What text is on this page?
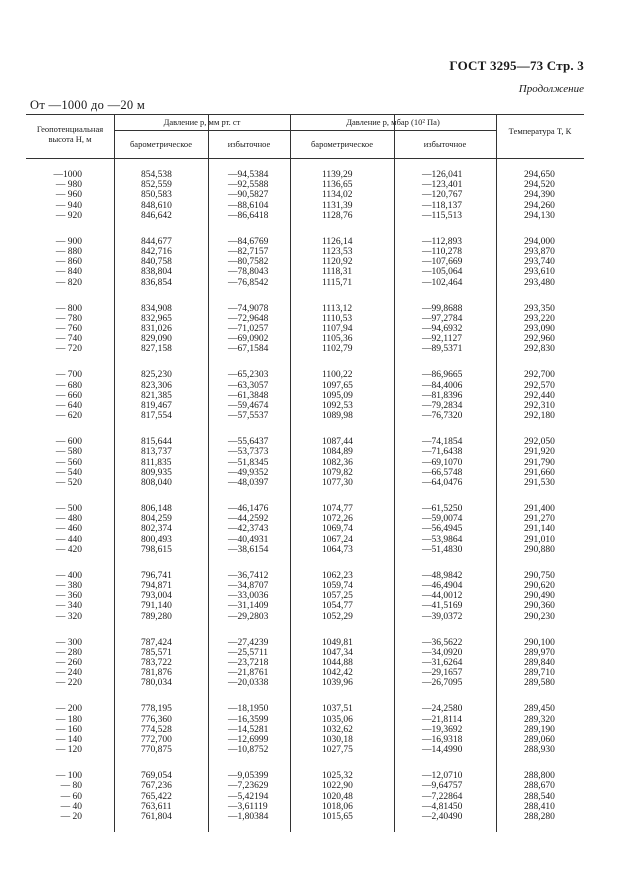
ГОСТ 3295—73 Стр. 3
Продолжение
От —1000 до —20 м
Геопотенциальная высота H, м
Давление p, мм рт. ст	Давление p, мбар (10² Па)
барометрическое	избыточное	барометрическое	избыточное
Температура T, К
—1000	854,538	—94,5384	1139,29	—126,041	294,650
— 980	852,559	—92,5588	1136,65	—123,401	294,520
— 960	850,583	—90,5827	1134,02	—120,767	294,390
— 940	848,610	—88,6104	1131,39	—118,137	294,260
— 920	846,642	—86,6418	1128,76	—115,513	294,130
— 900	844,677	—84,6769	1126,14	—112,893	294,000
— 880	842,716	—82,7157	1123,53	—110,278	293,870
— 860	840,758	—80,7582	1120,92	—107,669	293,740
— 840	838,804	—78,8043	1118,31	—105,064	293,610
— 820	836,854	—76,8542	1115,71	—102,464	293,480
— 800	834,908	—74,9078	1113,12	—99,8688	293,350
— 780	832,965	—72,9648	1110,53	—97,2784	293,220
— 760	831,026	—71,0257	1107,94	—94,6932	293,090
— 740	829,090	—69,0902	1105,36	—92,1127	292,960
— 720	827,158	—67,1584	1102,79	—89,5371	292,830
— 700	825,230	—65,2303	1100,22	—86,9665	292,700
— 680	823,306	—63,3057	1097,65	—84,4006	292,570
— 660	821,385	—61,3848	1095,09	—81,8396	292,440
— 640	819,467	—59,4674	1092,53	—79,2834	292,310
— 620	817,554	—57,5537	1089,98	—76,7320	292,180
— 600	815,644	—55,6437	1087,44	—74,1854	292,050
— 580	813,737	—53,7373	1084,89	—71,6438	291,920
— 560	811,835	—51,8345	1082,36	—69,1070	291,790
— 540	809,935	—49,9352	1079,82	—66,5748	291,660
— 520	808,040	—48,0397	1077,30	—64,0476	291,530
— 500	806,148	—46,1476	1074,77	—61,5250	291,400
— 480	804,259	—44,2592	1072,26	—59,0074	291,270
— 460	802,374	—42,3743	1069,74	—56,4945	291,140
— 440	800,493	—40,4931	1067,24	—53,9864	291,010
— 420	798,615	—38,6154	1064,73	—51,4830	290,880
— 400	796,741	—36,7412	1062,23	—48,9842	290,750
— 380	794,871	—34,8707	1059,74	—46,4904	290,620
— 360	793,004	—33,0036	1057,25	—44,0012	290,490
— 340	791,140	—31,1409	1054,77	—41,5169	290,360
— 320	789,280	—29,2803	1052,29	—39,0372	290,230
— 300	787,424	—27,4239	1049,81	—36,5622	290,100
— 280	785,571	—25,5711	1047,34	—34,0920	289,970
— 260	783,722	—23,7218	1044,88	—31,6264	289,840
— 240	781,876	—21,8761	1042,42	—29,1657	289,710
— 220	780,034	—20,0338	1039,96	—26,7095	289,580
— 200	778,195	—18,1950	1037,51	—24,2580	289,450
— 180	776,360	—16,3599	1035,06	—21,8114	289,320
— 160	774,528	—14,5281	1032,62	—19,3692	289,190
— 140	772,700	—12,6999	1030,18	—16,9318	289,060
— 120	770,875	—10,8752	1027,75	—14,4990	288,930
— 100	769,054	—9,05399	1025,32	—12,0710	288,800
— 80	767,236	—7,23629	1022,90	—9,64757	288,670
— 60	765,422	—5,42194	1020,48	—7,22864	288,540
— 40	763,611	—3,61119	1018,06	—4,81450	288,410
— 20	761,804	—1,80384	1015,65	—2,40490	288,280
